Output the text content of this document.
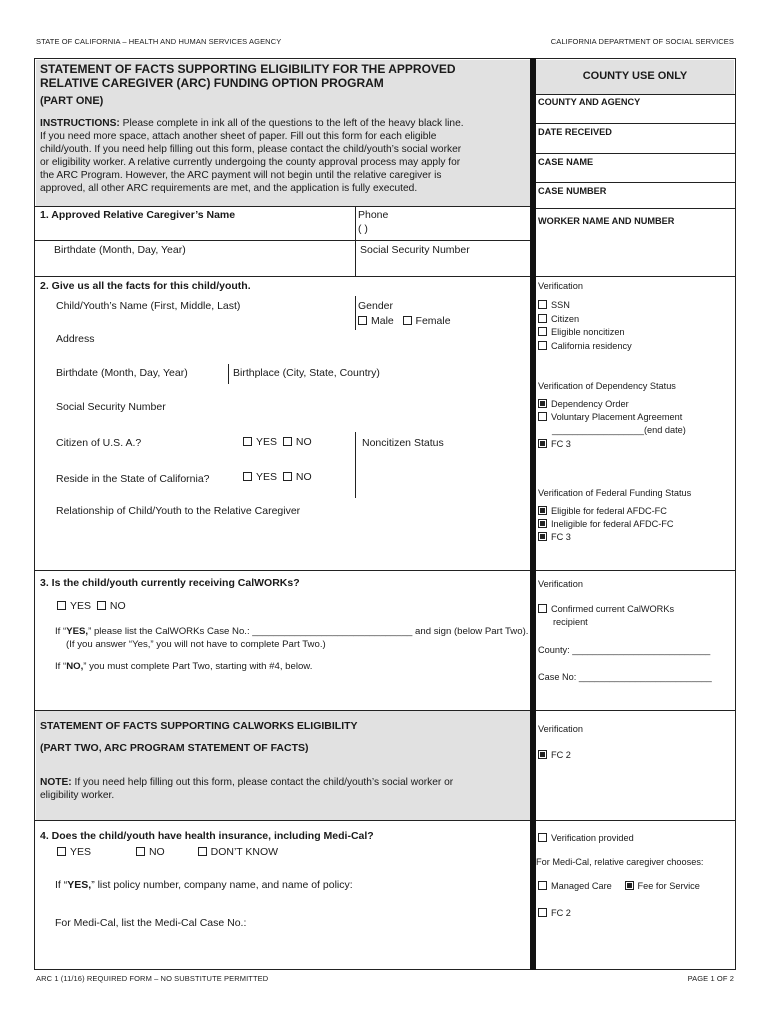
STATE OF CALIFORNIA – HEALTH AND HUMAN SERVICES AGENCY	CALIFORNIA DEPARTMENT OF SOCIAL SERVICES
STATEMENT OF FACTS SUPPORTING ELIGIBILITY FOR THE APPROVED
RELATIVE CAREGIVER (ARC) FUNDING OPTION PROGRAM
(PART ONE)
INSTRUCTIONS: Please complete in ink all of the questions to the left of the heavy black line.
If you need more space, attach another sheet of paper. Fill out this form for each eligible
child/youth. If you need help filling out this form, please contact the child/youth’s social worker
or eligibility worker. A relative currently undergoing the county approval process may apply for
the ARC Program. However, the ARC payment will not begin until the relative caregiver is
approved, all other ARC requirements are met, and the application is fully executed.
COUNTY USE ONLY
COUNTY AND AGENCY
DATE RECEIVED
CASE NAME
CASE NUMBER
WORKER NAME AND NUMBER
1. Approved Relative Caregiver’s Name	Phone
( )
Birthdate (Month, Day, Year)	Social Security Number
2. Give us all the facts for this child/youth.
Child/Youth’s Name (First, Middle, Last)	Gender
Male Female
Address
Birthdate (Month, Day, Year)	Birthplace (City, State, Country)
Social Security Number
Citizen of U.S. A.?	YES NO	Noncitizen Status
Reside in the State of California?	YES NO
Relationship of Child/Youth to the Relative Caregiver
Verification
SSN
Citizen
Eligible noncitizen
California residency
Verification of Dependency Status
Dependency Order
Voluntary Placement Agreement
__________________(end date)
FC 3
Verification of Federal Funding Status
Eligible for federal AFDC-FC
Ineligible for federal AFDC-FC
FC 3
3. Is the child/youth currently receiving CalWORKs?
YES NO
If “YES,” please list the CalWORKs Case No.: ______________________________ and sign (below Part Two).
(If you answer “Yes,” you will not have to complete Part Two.)
If “NO,” you must complete Part Two, starting with #4, below.
Verification
Confirmed current CalWORKs
recipient
County: ___________________________
Case No: __________________________
STATEMENT OF FACTS SUPPORTING CALWORKS ELIGIBILITY
(PART TWO, ARC PROGRAM STATEMENT OF FACTS)
NOTE: If you need help filling out this form, please contact the child/youth’s social worker or
eligibility worker.
Verification
FC 2
4. Does the child/youth have health insurance, including Medi-Cal?
YES	NO	DON’T KNOW
If “YES,” list policy number, company name, and name of policy:
For Medi-Cal, list the Medi-Cal Case No.:
Verification provided
For Medi-Cal, relative caregiver chooses:
Managed Care	Fee for Service
FC 2
ARC 1 (11/16) REQUIRED FORM – NO SUBSTITUTE PERMITTED	PAGE 1 OF 2
